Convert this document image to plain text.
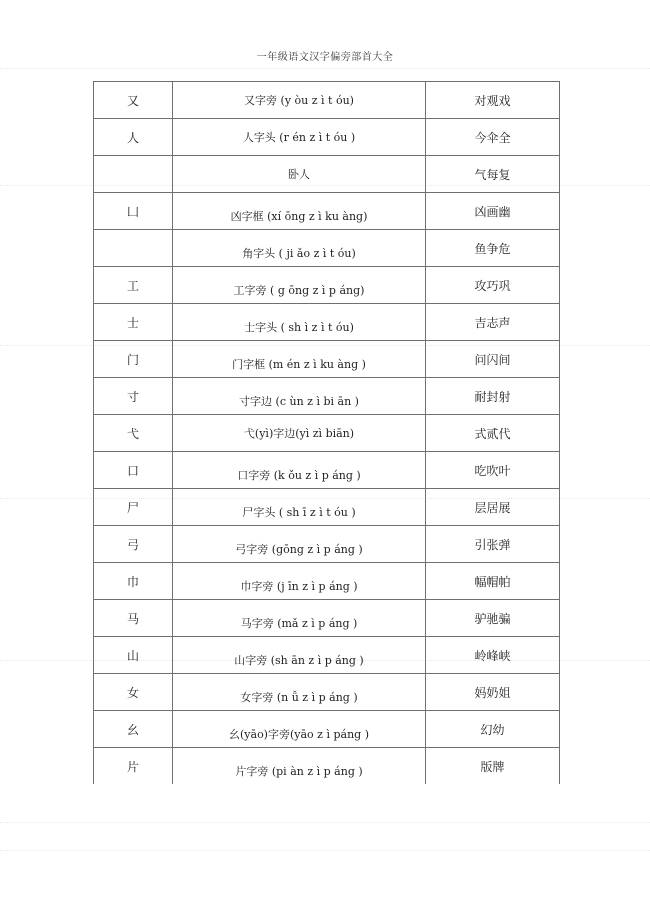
一年级语文汉字偏旁部首大全
又	又字旁 (y òu z ì t óu)	对观戏
人	人字头 (r én z ì t óu )	今伞全
	卧人	气每复
凵	凶字框 (xí ōng z ì ku àng)	凶画幽
	角字头 ( ji ǎo z ì t óu)	鱼争危
工	工字旁 ( g ōng z ì p áng)	攻巧巩
士	士字头 ( sh ì z ì t óu)	吉志声
门	门字框 (m én z ì ku àng )	问闪间
寸	寸字边 (c ùn z ì bi ān )	耐封射
弋	弋(yì)字边(yì zì biān)	式贰代
口	口字旁 (k ǒu z ì p áng )	吃吹叶
尸	尸字头 ( sh ī z ì t óu )	层居展
弓	弓字旁 (gōng z ì p áng )	引张弹
巾	巾字旁 (j īn z ì p áng )	幅帽帕
马	马字旁 (mǎ z ì p áng )	驴驰骗
山	山字旁 (sh ān z ì p áng )	岭峰峡
女	女字旁 (n ǚ z ì p áng )	妈奶姐
幺	幺(yāo)字旁(yāo z ì páng )	幻幼
片	片字旁 (pi àn z ì p áng )	版牌
